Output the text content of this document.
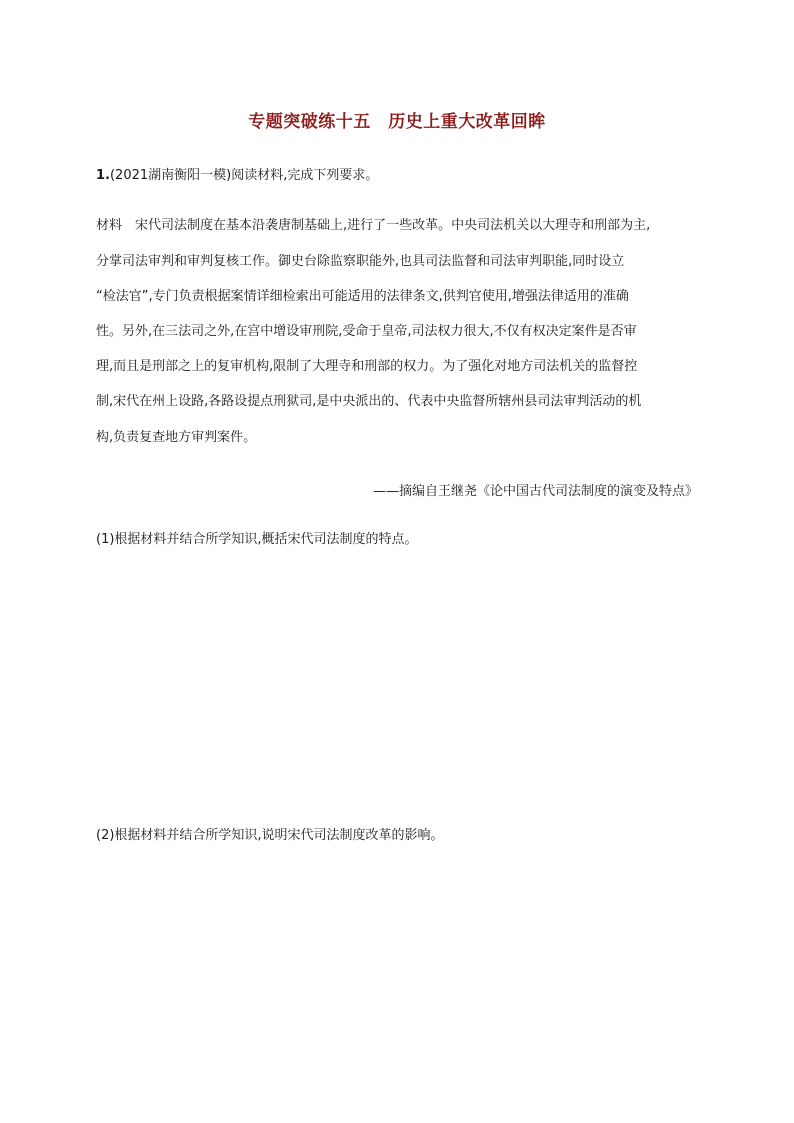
专题突破练十五　历史上重大改革回眸
1.(2021湖南衡阳一模)阅读材料,完成下列要求。
材料　宋代司法制度在基本沿袭唐制基础上,进行了一些改革。中央司法机关以大理寺和刑部为主,
分掌司法审判和审判复核工作。御史台除监察职能外,也具司法监督和司法审判职能,同时设立
“检法官”,专门负责根据案情详细检索出可能适用的法律条文,供判官使用,增强法律适用的准确
性。另外,在三法司之外,在宫中增设审刑院,受命于皇帝,司法权力很大,不仅有权决定案件是否审
理,而且是刑部之上的复审机构,限制了大理寺和刑部的权力。为了强化对地方司法机关的监督控
制,宋代在州上设路,各路设提点刑狱司,是中央派出的、代表中央监督所辖州县司法审判活动的机
构,负责复查地方审判案件。
——摘编自王继尧《论中国古代司法制度的演变及特点》
(1)根据材料并结合所学知识,概括宋代司法制度的特点。
(2)根据材料并结合所学知识,说明宋代司法制度改革的影响。
